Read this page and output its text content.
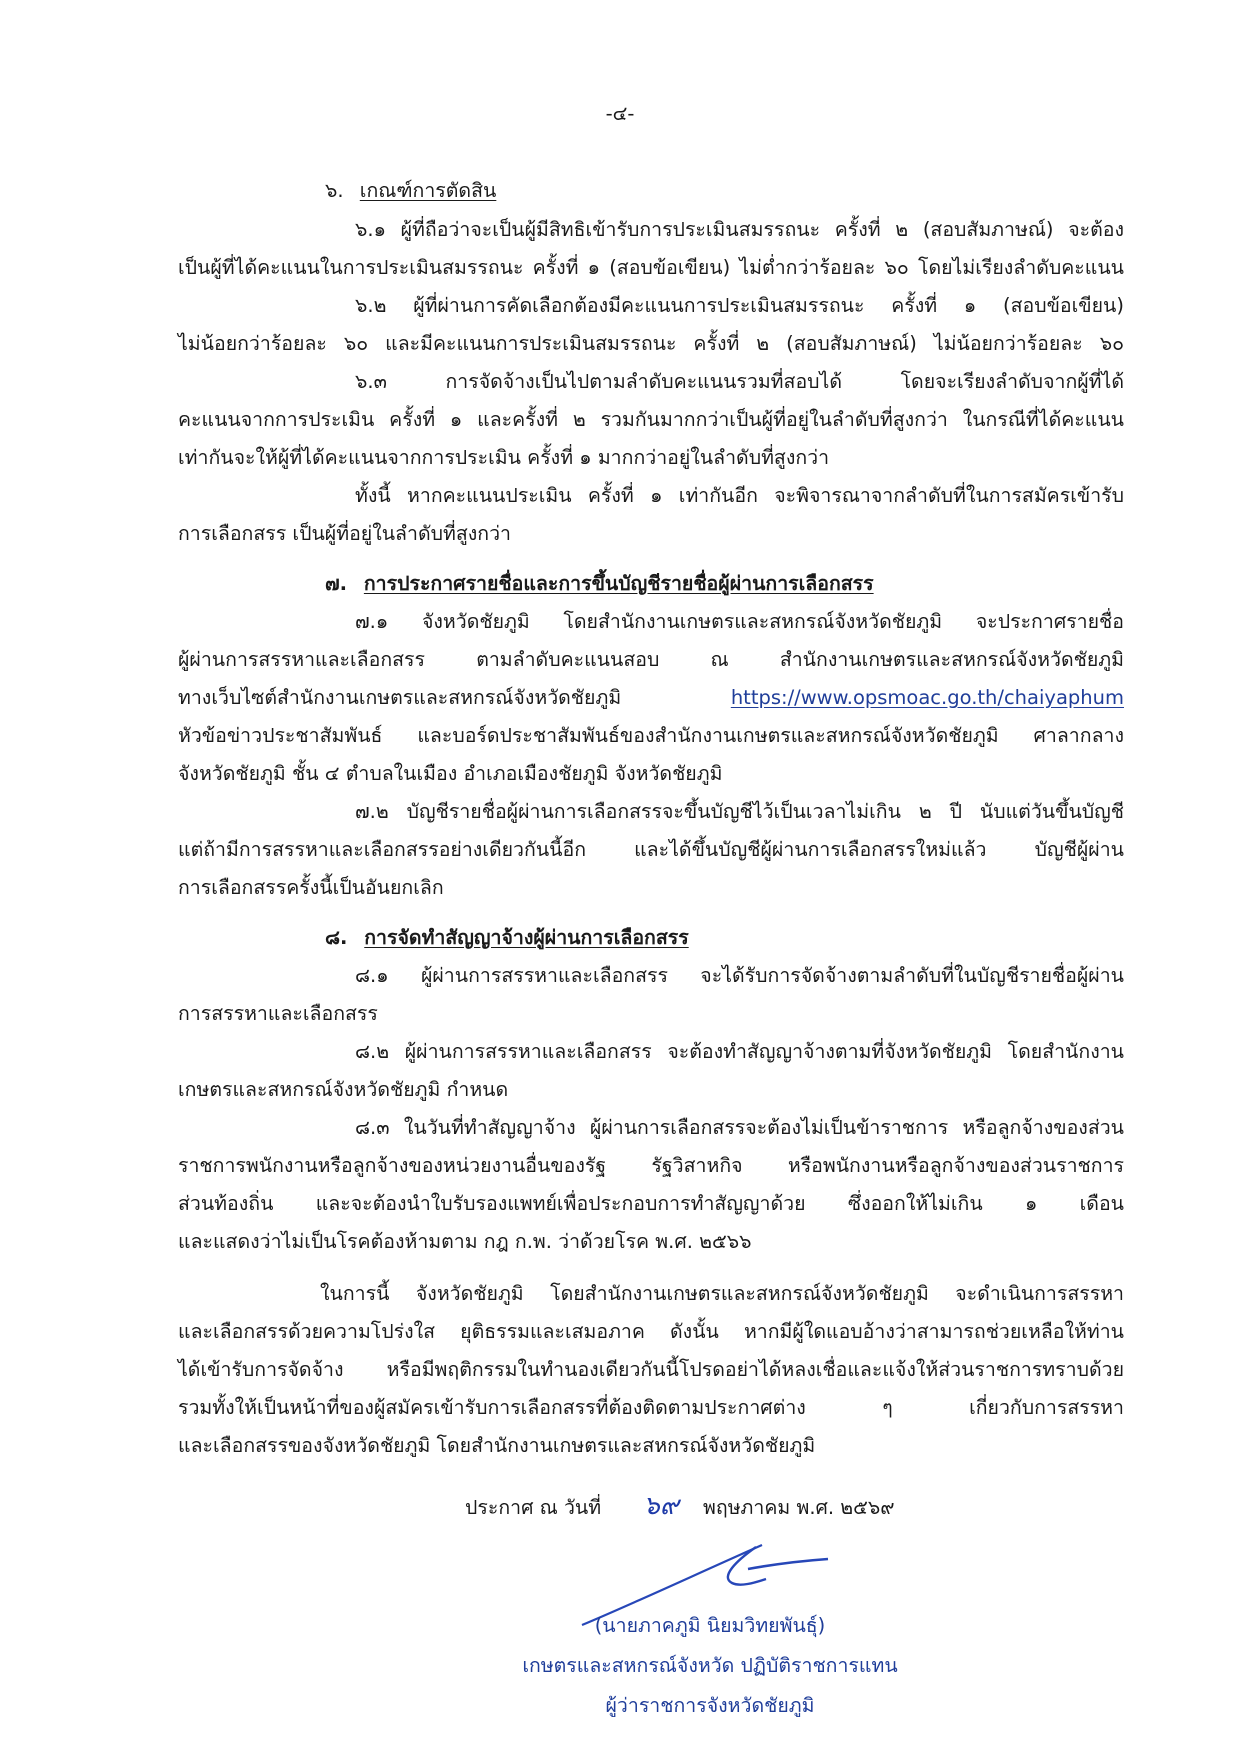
-๔-
๖. เกณฑ์การตัดสิน
๖.๑ ผู้ที่ถือว่าจะเป็นผู้มีสิทธิเข้ารับการประเมินสมรรถนะ ครั้งที่ ๒ (สอบสัมภาษณ์) จะต้อง
เป็นผู้ที่ได้คะแนนในการประเมินสมรรถนะ ครั้งที่ ๑ (สอบข้อเขียน) ไม่ต่ำกว่าร้อยละ ๖๐ โดยไม่เรียงลำดับคะแนน
๖.๒ ผู้ที่ผ่านการคัดเลือกต้องมีคะแนนการประเมินสมรรถนะ ครั้งที่ ๑ (สอบข้อเขียน)
ไม่น้อยกว่าร้อยละ ๖๐ และมีคะแนนการประเมินสมรรถนะ ครั้งที่ ๒ (สอบสัมภาษณ์) ไม่น้อยกว่าร้อยละ ๖๐
๖.๓ การจัดจ้างเป็นไปตามลำดับคะแนนรวมที่สอบได้ โดยจะเรียงลำดับจากผู้ที่ได้
คะแนนจากการประเมิน ครั้งที่ ๑ และครั้งที่ ๒ รวมกันมากกว่าเป็นผู้ที่อยู่ในลำดับที่สูงกว่า ในกรณีที่ได้คะแนน
เท่ากันจะให้ผู้ที่ได้คะแนนจากการประเมิน ครั้งที่ ๑ มากกว่าอยู่ในลำดับที่สูงกว่า
ทั้งนี้ หากคะแนนประเมิน ครั้งที่ ๑ เท่ากันอีก จะพิจารณาจากลำดับที่ในการสมัครเข้ารับ
การเลือกสรร เป็นผู้ที่อยู่ในลำดับที่สูงกว่า
๗. การประกาศรายชื่อและการขึ้นบัญชีรายชื่อผู้ผ่านการเลือกสรร
๗.๑ จังหวัดชัยภูมิ โดยสำนักงานเกษตรและสหกรณ์จังหวัดชัยภูมิ จะประกาศรายชื่อ
ผู้ผ่านการสรรหาและเลือกสรร ตามลำดับคะแนนสอบ ณ สำนักงานเกษตรและสหกรณ์จังหวัดชัยภูมิ
ทางเว็บไซต์สำนักงานเกษตรและสหกรณ์จังหวัดชัยภูมิ	https://www.opsmoac.go.th/chaiyaphum
หัวข้อข่าวประชาสัมพันธ์ และบอร์ดประชาสัมพันธ์ของสำนักงานเกษตรและสหกรณ์จังหวัดชัยภูมิ ศาลากลาง
จังหวัดชัยภูมิ ชั้น ๔ ตำบลในเมือง อำเภอเมืองชัยภูมิ จังหวัดชัยภูมิ
๗.๒ บัญชีรายชื่อผู้ผ่านการเลือกสรรจะขึ้นบัญชีไว้เป็นเวลาไม่เกิน ๒ ปี นับแต่วันขึ้นบัญชี
แต่ถ้ามีการสรรหาและเลือกสรรอย่างเดียวกันนี้อีก และได้ขึ้นบัญชีผู้ผ่านการเลือกสรรใหม่แล้ว บัญชีผู้ผ่าน
การเลือกสรรครั้งนี้เป็นอันยกเลิก
๘. การจัดทำสัญญาจ้างผู้ผ่านการเลือกสรร
๘.๑ ผู้ผ่านการสรรหาและเลือกสรร จะได้รับการจัดจ้างตามลำดับที่ในบัญชีรายชื่อผู้ผ่าน
การสรรหาและเลือกสรร
๘.๒ ผู้ผ่านการสรรหาและเลือกสรร จะต้องทำสัญญาจ้างตามที่จังหวัดชัยภูมิ โดยสำนักงาน
เกษตรและสหกรณ์จังหวัดชัยภูมิ กำหนด
๘.๓ ในวันที่ทำสัญญาจ้าง ผู้ผ่านการเลือกสรรจะต้องไม่เป็นข้าราชการ หรือลูกจ้างของส่วน
ราชการพนักงานหรือลูกจ้างของหน่วยงานอื่นของรัฐ รัฐวิสาหกิจ หรือพนักงานหรือลูกจ้างของส่วนราชการ
ส่วนท้องถิ่น และจะต้องนำใบรับรองแพทย์เพื่อประกอบการทำสัญญาด้วย ซึ่งออกให้ไม่เกิน ๑ เดือน
และแสดงว่าไม่เป็นโรคต้องห้ามตาม กฎ ก.พ. ว่าด้วยโรค พ.ศ. ๒๕๖๖
ในการนี้ จังหวัดชัยภูมิ โดยสำนักงานเกษตรและสหกรณ์จังหวัดชัยภูมิ จะดำเนินการสรรหา
และเลือกสรรด้วยความโปร่งใส ยุติธรรมและเสมอภาค ดังนั้น หากมีผู้ใดแอบอ้างว่าสามารถช่วยเหลือให้ท่าน
ได้เข้ารับการจัดจ้าง หรือมีพฤติกรรมในทำนองเดียวกันนี้โปรดอย่าได้หลงเชื่อและแจ้งให้ส่วนราชการทราบด้วย
รวมทั้งให้เป็นหน้าที่ของผู้สมัครเข้ารับการเลือกสรรที่ต้องติดตามประกาศต่าง ๆ เกี่ยวกับการสรรหา
และเลือกสรรของจังหวัดชัยภูมิ โดยสำนักงานเกษตรและสหกรณ์จังหวัดชัยภูมิ
ประกาศ ณ วันที่ ๖๙ พฤษภาคม พ.ศ. ๒๕๖๙
(นายภาคภูมิ นิยมวิทยพันธุ์)
เกษตรและสหกรณ์จังหวัด ปฏิบัติราชการแทน
ผู้ว่าราชการจังหวัดชัยภูมิ
